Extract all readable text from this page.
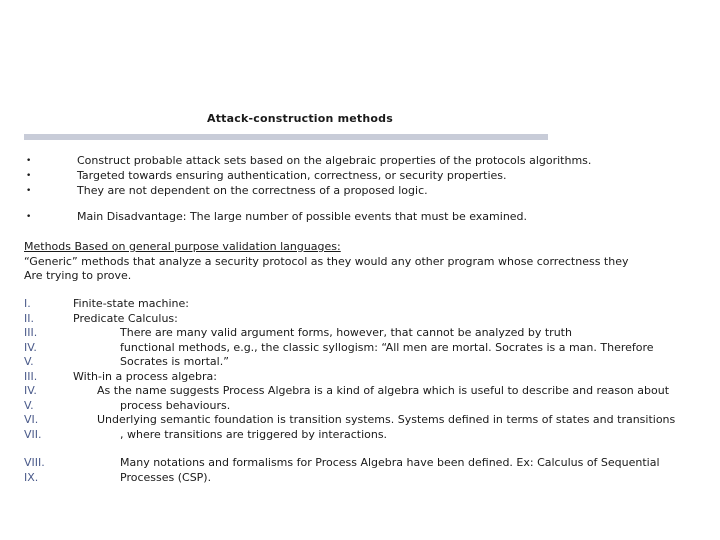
Attack-construction methods
•	Construct probable attack sets based on the algebraic properties of the protocols algorithms.
•	Targeted towards ensuring authentication, correctness, or security properties.
•	They are not dependent on the correctness of a proposed logic.
•	Main Disadvantage: The large number of possible events that must be examined.
Methods Based on general purpose validation languages:
“Generic” methods that analyze a security protocol as they would any other program whose correctness they
Are trying to prove.
I.	Finite-state machine:
II.	Predicate Calculus:
III.	There are many valid argument forms, however, that cannot be analyzed by truth
IV.	functional methods, e.g., the classic syllogism: “All men are mortal. Socrates is a man. Therefore
V.	Socrates is mortal.”
III.	With-in a process algebra:
IV.	As the name suggests Process Algebra is a kind of algebra which is useful to describe and reason about
V.	process behaviours.
VI.	Underlying semantic foundation is transition systems. Systems defined in terms of states and transitions
VII.	, where transitions are triggered by interactions.
VIII.	Many notations and formalisms for Process Algebra have been defined. Ex: Calculus of Sequential
IX.	Processes (CSP).
